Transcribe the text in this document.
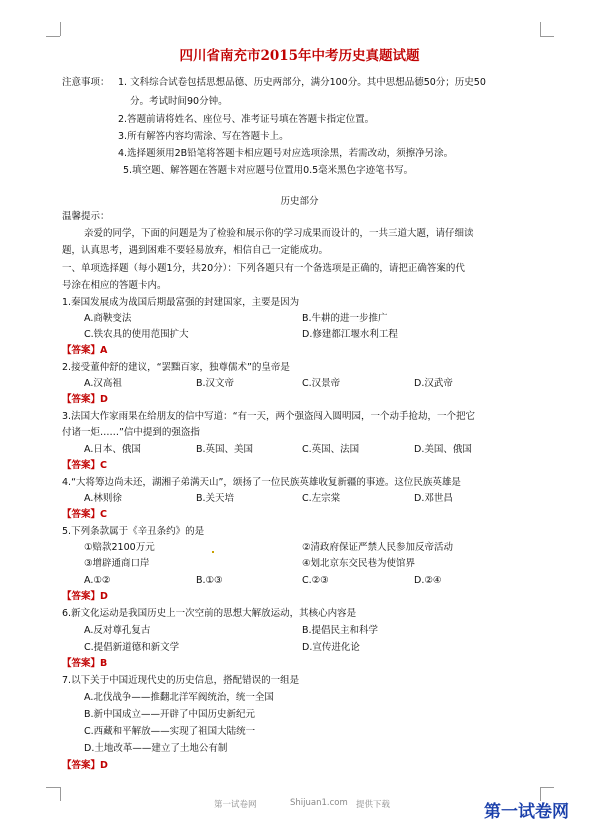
四川省南充市2015年中考历史真题试题
注意事项： 1. 文科综合试卷包括思想品德、历史两部分，满分100分。其中思想品德50分；历史50
分。考试时间90分钟。
2.答题前请将姓名、座位号、准考证号填在答题卡指定位置。
3.所有解答内容均需涂、写在答题卡上。
4.选择题须用2B铅笔将答题卡相应题号对应选项涂黑，若需改动，须擦净另涂。
5.填空题、解答题在答题卡对应题号位置用0.5毫米黑色字迹笔书写。
历史部分
温馨提示：
亲爱的同学，下面的问题是为了检验和展示你的学习成果而设计的，一共三道大题，请仔细读
题，认真思考，遇到困难不要轻易放弃，相信自己一定能成功。
一、单项选择题（每小题1分，共20分）：下列各题只有一个备选项是正确的，请把正确答案的代
号涂在相应的答题卡内。
1.秦国发展成为战国后期最富强的封建国家，主要是因为
A.商鞅变法	B.牛耕的进一步推广
C.铁农具的使用范围扩大	D.修建都江堰水利工程
【答案】A
2.接受董仲舒的建议，“罢黜百家，独尊儒术”的皇帝是
A.汉高祖	B.汉文帝	C.汉景帝	D.汉武帝
【答案】D
3.法国大作家雨果在给朋友的信中写道：“有一天，两个强盗闯入圆明园，一个动手抢劫，一个把它
付诸一炬……”信中提到的强盗指
A.日本、俄国	B.英国、美国	C.英国、法国	D.美国、俄国
【答案】C
4.“大将筹边尚未还，湖湘子弟满天山”，颂扬了一位民族英雄收复新疆的事迹。这位民族英雄是
A.林则徐	B.关天培	C.左宗棠	D.邓世昌
【答案】C
5.下列条款属于《辛丑条约》的是
①赔款2100万元	②清政府保证严禁人民参加反帝活动
③增辟通商口岸	④划北京东交民巷为使馆界
A.①②	B.①③	C.②③	D.②④
【答案】D
6.新文化运动是我国历史上一次空前的思想大解放运动，其核心内容是
A.反对尊孔复古	B.提倡民主和科学
C.提倡新道德和新文学	D.宣传进化论
【答案】B
7.以下关于中国近现代史的历史信息，搭配错误的一组是
A.北伐战争——推翻北洋军阀统治，统一全国
B.新中国成立——开辟了中国历史新纪元
C.西藏和平解放——实现了祖国大陆统一
D.土地改革——建立了土地公有制
【答案】D
第一试卷网	Shijuan1.com 提供下载	第一试卷网
